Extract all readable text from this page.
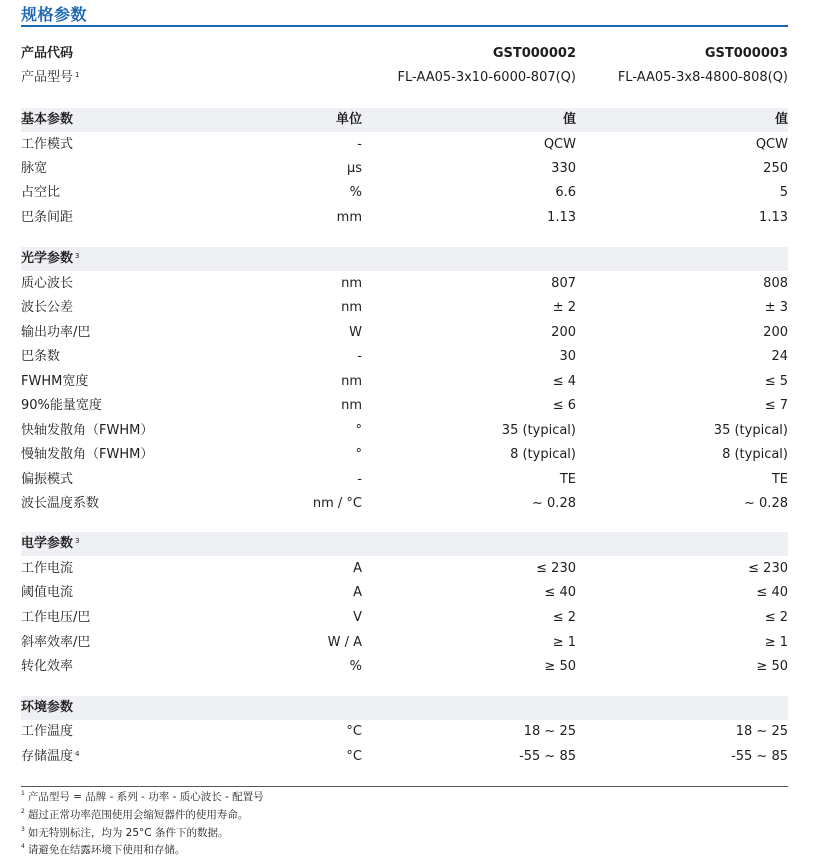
规格参数
产品代码	GST000002	GST000003
产品型号 $^1$	FL-AA05-3x10-6000-807(Q)	FL-AA05-3x8-4800-808(Q)
基本参数	单位	值	值
工作模式	-	QCW	QCW
脉宽	μs	330	250
占空比	%	6.6	5
巴条间距	mm	1.13	1.13
光学参数 $^3$
质心波长	nm	807	808
波长公差	nm	± 2	± 3
输出功率/巴	W	200	200
巴条数	-	30	24
FWHM宽度	nm	≤ 4	≤ 5
90%能量宽度	nm	≤ 6	≤ 7
快轴发散角（FWHM）	°	35 (typical)	35 (typical)
慢轴发散角（FWHM）	°	8 (typical)	8 (typical)
偏振模式	-	TE	TE
波长温度系数	nm / °C	~ 0.28	~ 0.28
电学参数 $^3$
工作电流	A	≤ 230	≤ 230
阈值电流	A	≤ 40	≤ 40
工作电压/巴	V	≤ 2	≤ 2
斜率效率/巴	W / A	≥ 1	≥ 1
转化效率	%	≥ 50	≥ 50
环境参数
工作温度	°C	18 ~ 25	18 ~ 25
存储温度 $^4$	°C	-55 ~ 85	-55 ~ 85
$^1$ 产品型号 = 品牌 - 系列 - 功率 - 质心波长 - 配置号
$^2$ 超过正常功率范围使用会缩短器件的使用寿命。
$^3$ 如无特别标注，均为 25°C 条件下的数据。
$^4$ 请避免在结露环境下使用和存储。
